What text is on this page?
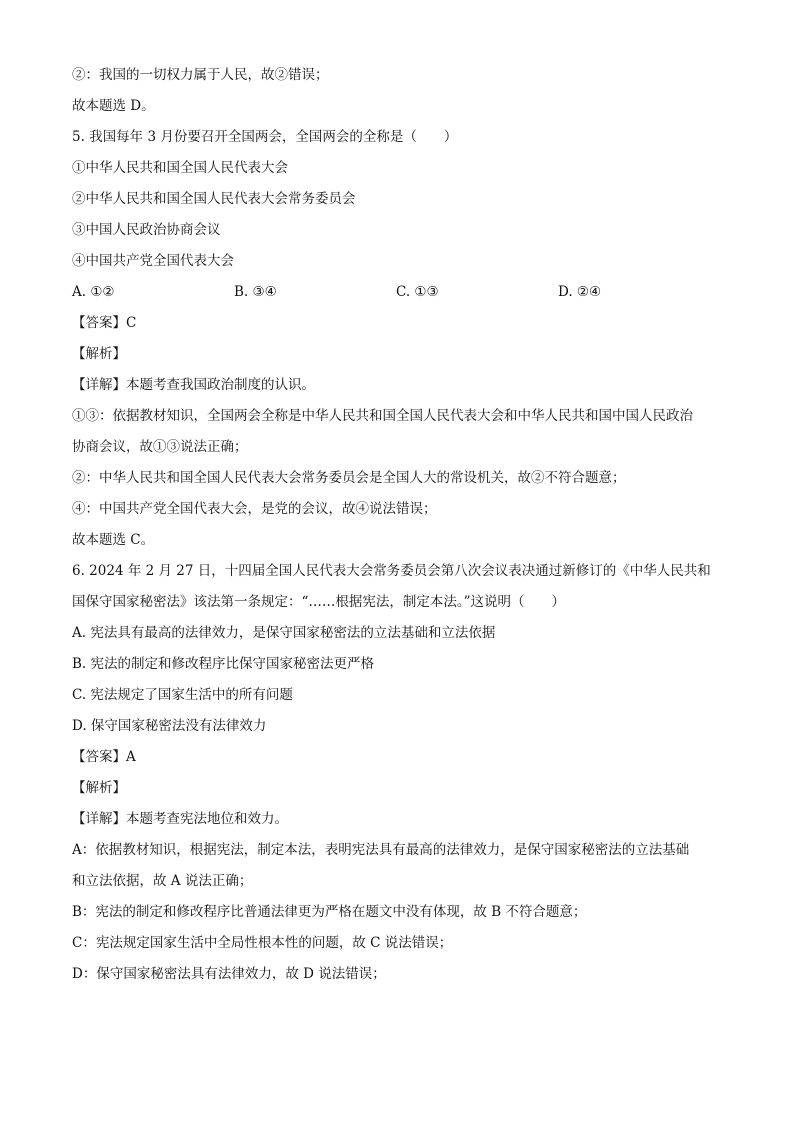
②：我国的一切权力属于人民，故②错误；
故本题选 D。
5. 我国每年 3 月份要召开全国两会，全国两会的全称是（　　）
①中华人民共和国全国人民代表大会
②中华人民共和国全国人民代表大会常务委员会
③中国人民政治协商会议
④中国共产党全国代表大会
A. ①②	B. ③④	C. ①③	D. ②④
【答案】C
【解析】
【详解】本题考查我国政治制度的认识。
①③：依据教材知识，全国两会全称是中华人民共和国全国人民代表大会和中华人民共和国中国人民政治
协商会议，故①③说法正确；
②：中华人民共和国全国人民代表大会常务委员会是全国人大的常设机关，故②不符合题意；
④：中国共产党全国代表大会，是党的会议，故④说法错误；
故本题选 C。
6. 2024 年 2 月 27 日，十四届全国人民代表大会常务委员会第八次会议表决通过新修订的《中华人民共和
国保守国家秘密法》该法第一条规定：“……根据宪法，制定本法。”这说明（　　）
A. 宪法具有最高的法律效力，是保守国家秘密法的立法基础和立法依据
B. 宪法的制定和修改程序比保守国家秘密法更严格
C. 宪法规定了国家生活中的所有问题
D. 保守国家秘密法没有法律效力
【答案】A
【解析】
【详解】本题考查宪法地位和效力。
A：依据教材知识，根据宪法，制定本法，表明宪法具有最高的法律效力，是保守国家秘密法的立法基础
和立法依据，故 A 说法正确；
B：宪法的制定和修改程序比普通法律更为严格在题文中没有体现，故 B 不符合题意；
C：宪法规定国家生活中全局性根本性的问题，故 C 说法错误；
D：保守国家秘密法具有法律效力，故 D 说法错误；
